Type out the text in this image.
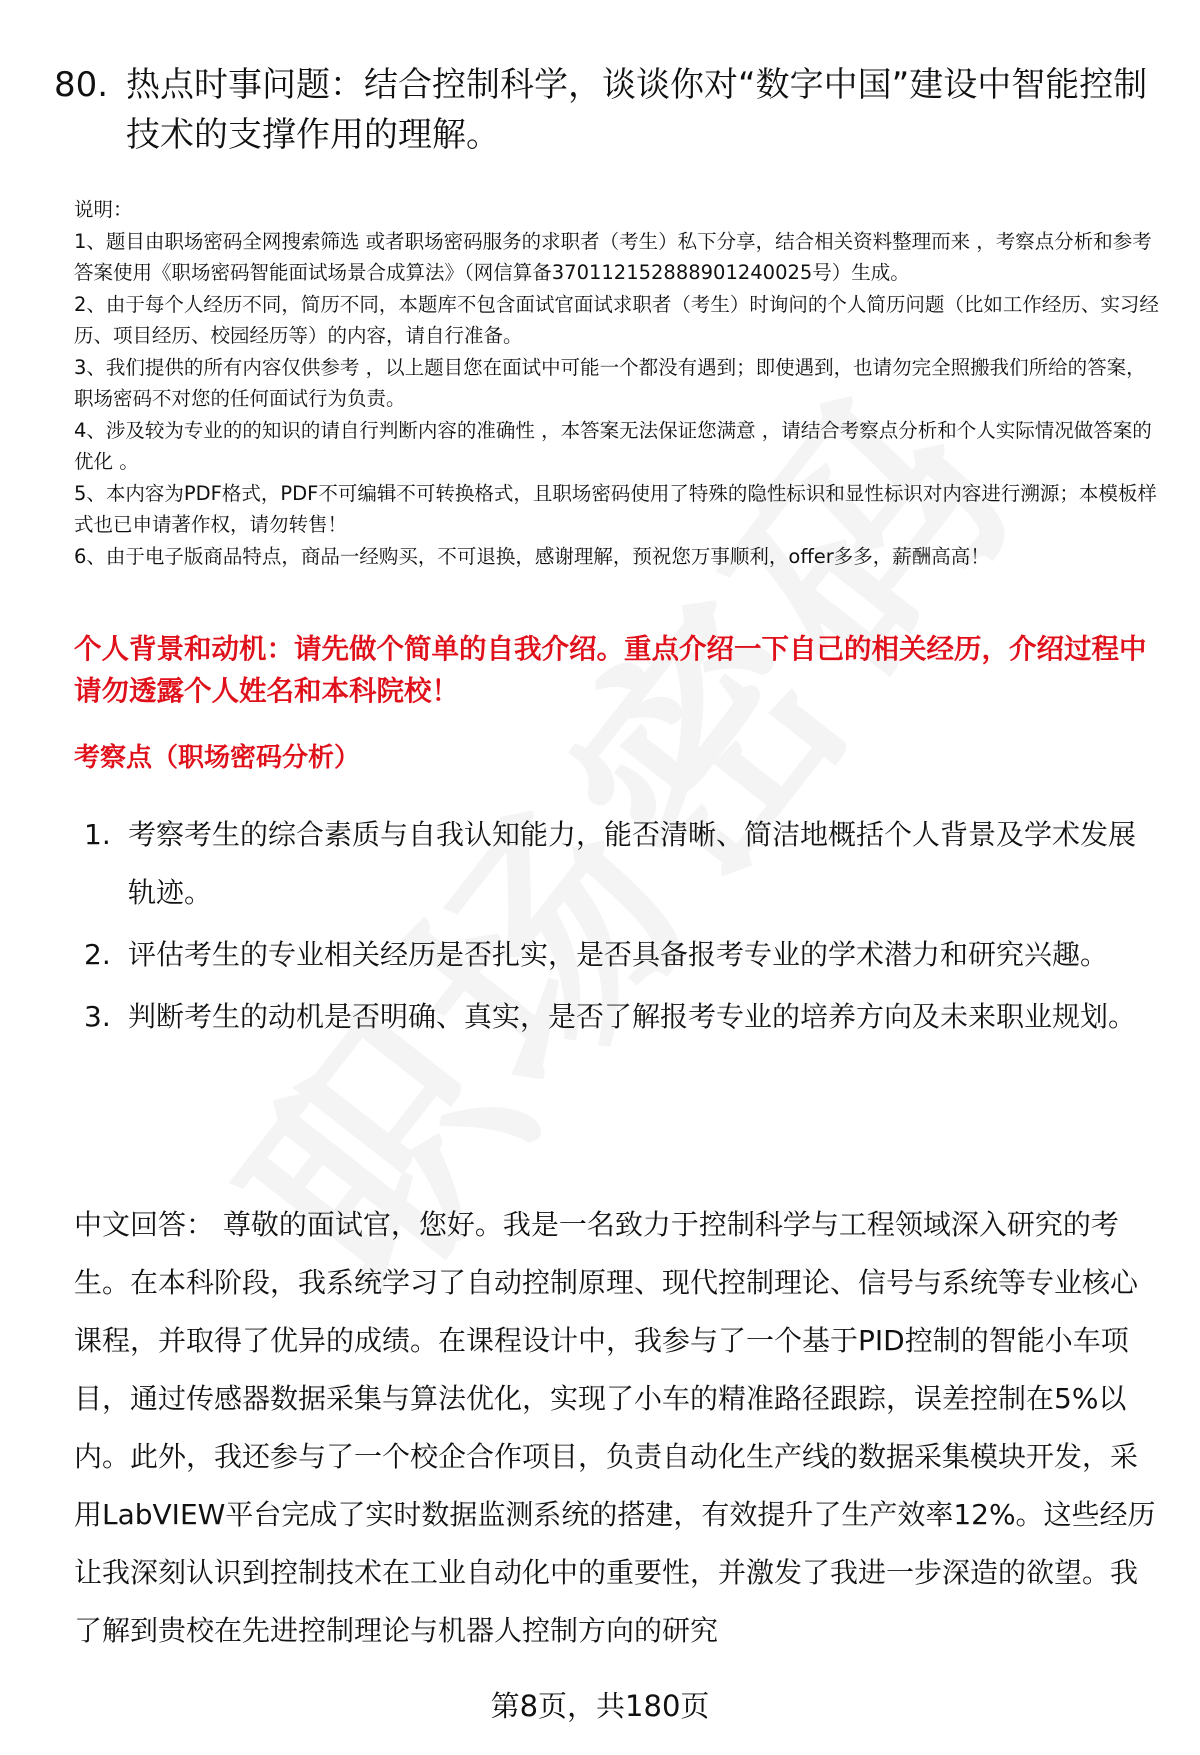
80. 热点时事问题：结合控制科学，谈谈你对“数字中国”建设中智能控制技术的支撑作用的理解。
说明：
1、题目由职场密码全网搜索筛选 或者职场密码服务的求职者（考生）私下分享，结合相关资料整理而来 ，考察点分析和参考答案使用《职场密码智能面试场景合成算法》（网信算备370112152888901240025号）生成。
2、由于每个人经历不同，简历不同，本题库不包含面试官面试求职者（考生）时询问的个人简历问题（比如工作经历、实习经历、项目经历、校园经历等）的内容，请自行准备。
3、我们提供的所有内容仅供参考 ，以上题目您在面试中可能一个都没有遇到；即使遇到，也请勿完全照搬我们所给的答案，职场密码不对您的任何面试行为负责。
4、涉及较为专业的的知识的请自行判断内容的准确性 ，本答案无法保证您满意 ，请结合考察点分析和个人实际情况做答案的优化 。
5、本内容为PDF格式，PDF不可编辑不可转换格式，且职场密码使用了特殊的隐性标识和显性标识对内容进行溯源；本模板样式也已申请著作权，请勿转售！
6、由于电子版商品特点，商品一经购买，不可退换，感谢理解，预祝您万事顺利，offer多多，薪酬高高！
个人背景和动机：请先做个简单的自我介绍。重点介绍一下自己的相关经历，介绍过程中请勿透露个人姓名和本科院校！
考察点（职场密码分析）
1. 考察考生的综合素质与自我认知能力，能否清晰、简洁地概括个人背景及学术发展轨迹。
2. 评估考生的专业相关经历是否扎实，是否具备报考专业的学术潜力和研究兴趣。
3. 判断考生的动机是否明确、真实，是否了解报考专业的培养方向及未来职业规划。
中文回答： 尊敬的面试官，您好。我是一名致力于控制科学与工程领域深入研究的考生。在本科阶段，我系统学习了自动控制原理、现代控制理论、信号与系统等专业核心课程，并取得了优异的成绩。在课程设计中，我参与了一个基于PID控制的智能小车项目，通过传感器数据采集与算法优化，实现了小车的精准路径跟踪，误差控制在5%以内。此外，我还参与了一个校企合作项目，负责自动化生产线的数据采集模块开发，采用LabVIEW平台完成了实时数据监测系统的搭建，有效提升了生产效率12%。这些经历让我深刻认识到控制技术在工业自动化中的重要性，并激发了我进一步深造的欲望。我了解到贵校在先进控制理论与机器人控制方向的研究
第8页，共180页
